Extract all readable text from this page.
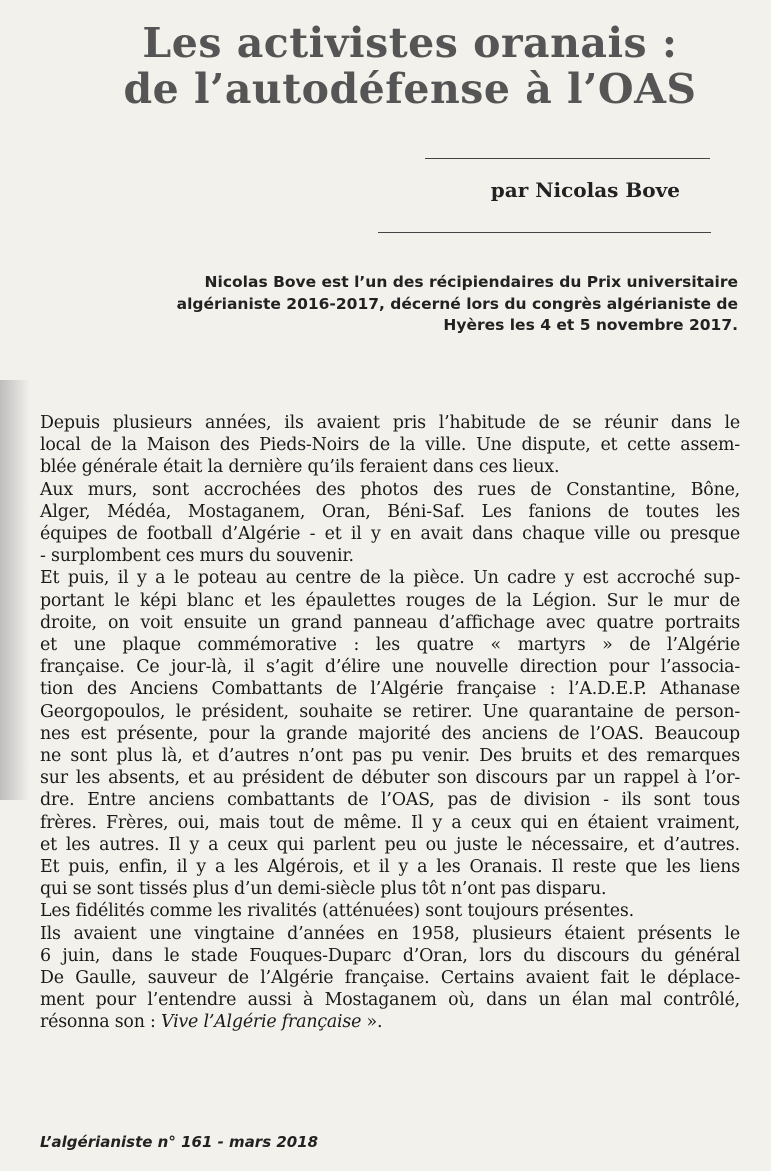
Les activistes oranais :
de l’autodéfense à l’OAS
par Nicolas Bove
Nicolas Bove est l’un des récipiendaires du Prix universitaire
algérianiste 2016-2017, décerné lors du congrès algérianiste de
Hyères les 4 et 5 novembre 2017.
Depuis plusieurs années, ils avaient pris l’habitude de se réunir dans le
local de la Maison des Pieds-Noirs de la ville. Une dispute, et cette assem-
blée générale était la dernière qu’ils feraient dans ces lieux.
Aux murs, sont accrochées des photos des rues de Constantine, Bône,
Alger, Médéa, Mostaganem, Oran, Béni-Saf. Les fanions de toutes les
équipes de football d’Algérie - et il y en avait dans chaque ville ou presque
- surplombent ces murs du souvenir.
Et puis, il y a le poteau au centre de la pièce. Un cadre y est accroché sup-
portant le képi blanc et les épaulettes rouges de la Légion. Sur le mur de
droite, on voit ensuite un grand panneau d’affichage avec quatre portraits
et une plaque commémorative : les quatre « martyrs » de l’Algérie
française. Ce jour-là, il s’agit d’élire une nouvelle direction pour l’associa-
tion des Anciens Combattants de l’Algérie française : l’A.D.E.P. Athanase
Georgopoulos, le président, souhaite se retirer. Une quarantaine de person-
nes est présente, pour la grande majorité des anciens de l’OAS. Beaucoup
ne sont plus là, et d’autres n’ont pas pu venir. Des bruits et des remarques
sur les absents, et au président de débuter son discours par un rappel à l’or-
dre. Entre anciens combattants de l’OAS, pas de division - ils sont tous
frères. Frères, oui, mais tout de même. Il y a ceux qui en étaient vraiment,
et les autres. Il y a ceux qui parlent peu ou juste le nécessaire, et d’autres.
Et puis, enfin, il y a les Algérois, et il y a les Oranais. Il reste que les liens
qui se sont tissés plus d’un demi-siècle plus tôt n’ont pas disparu.
Les fidélités comme les rivalités (atténuées) sont toujours présentes.
Ils avaient une vingtaine d’années en 1958, plusieurs étaient présents le
6 juin, dans le stade Fouques-Duparc d’Oran, lors du discours du général
De Gaulle, sauveur de l’Algérie française. Certains avaient fait le déplace-
ment pour l’entendre aussi à Mostaganem où, dans un élan mal contrôlé,
résonna son : Vive l’Algérie française ».
L’algérianiste n° 161 - mars 2018
